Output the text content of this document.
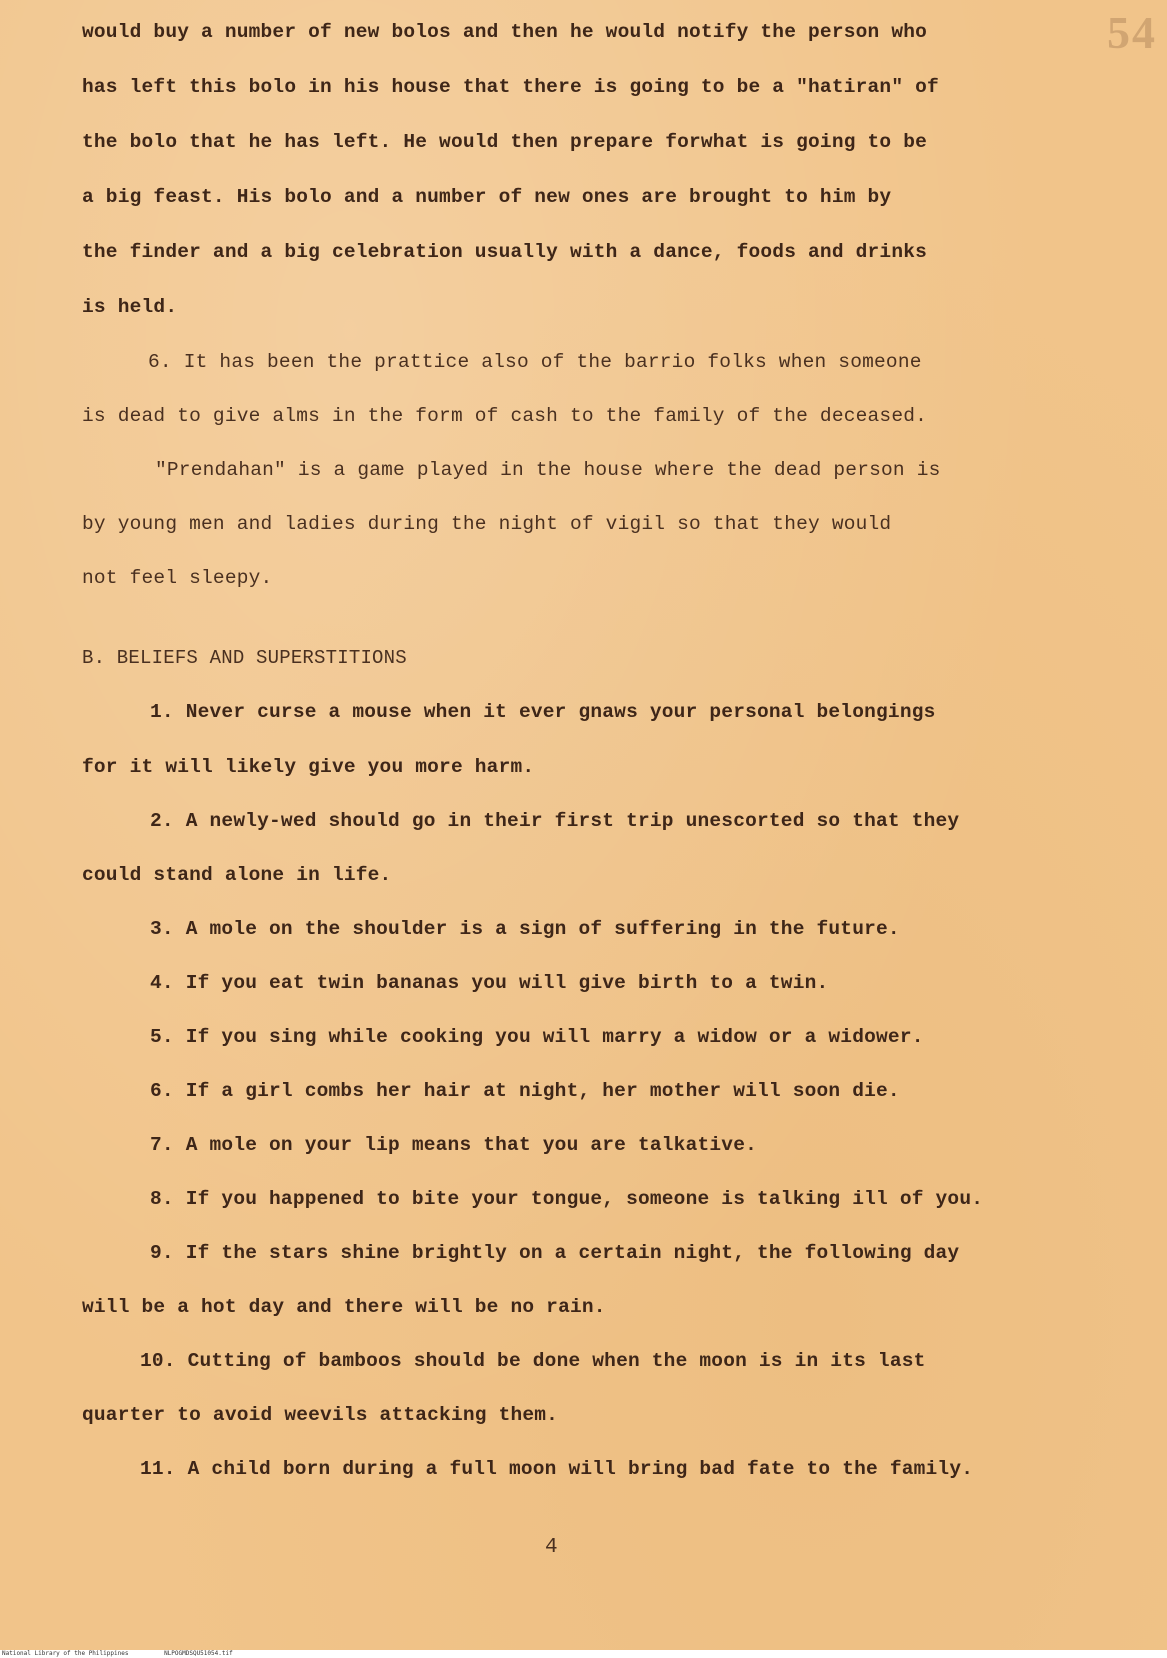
54
would buy a number of new bolos and then he would notify the person who
has left this bolo in his house that there is going to be a "hatiran" of
the bolo that he has left. He would then prepare forwhat is going to be
a big feast. His bolo and a number of new ones are brought to him by
the finder and a big celebration usually with a dance, foods and drinks
is held.
6. It has been the prattice also of the barrio folks when someone
is dead to give alms in the form of cash to the family of the deceased.
"Prendahan" is a game played in the house where the dead person is
by young men and ladies during the night of vigil so that they would
not feel sleepy.
B. BELIEFS AND SUPERSTITIONS
1. Never curse a mouse when it ever gnaws your personal belongings
for it will likely give you more harm.
2. A newly-wed should go in their first trip unescorted so that they
could stand alone in life.
3. A mole on the shoulder is a sign of suffering in the future.
4. If you eat twin bananas you will give birth to a twin.
5. If you sing while cooking you will marry a widow or a widower.
6. If a girl combs her hair at night, her mother will soon die.
7. A mole on your lip means that you are talkative.
8. If you happened to bite your tongue, someone is talking ill of you.
9. If the stars shine brightly on a certain night, the following day
will be a hot day and there will be no rain.
10. Cutting of bamboos should be done when the moon is in its last
quarter to avoid weevils attacking them.
11. A child born during a full moon will bring bad fate to the family.
4
National Library of the Philippines	NLPOGMDSQU51054.tif
